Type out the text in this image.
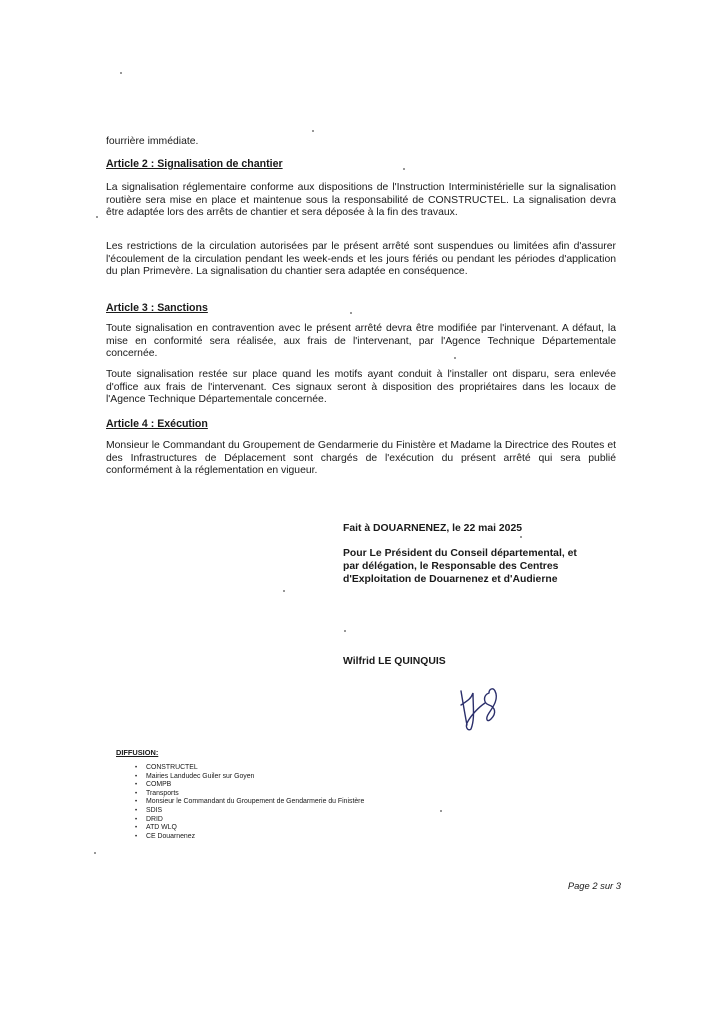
fourrière immédiate.
Article 2 : Signalisation de chantier
La signalisation réglementaire conforme aux dispositions de l'Instruction Interministérielle sur la signalisation routière sera mise en place et maintenue sous la responsabilité de CONSTRUCTEL. La signalisation devra être adaptée lors des arrêts de chantier et sera déposée à la fin des travaux.
Les restrictions de la circulation autorisées par le présent arrêté sont suspendues ou limitées afin d'assurer l'écoulement de la circulation pendant les week-ends et les jours fériés ou pendant les périodes d'application du plan Primevère. La signalisation du chantier sera adaptée en conséquence.
Article 3 : Sanctions
Toute signalisation en contravention avec le présent arrêté devra être modifiée par l'intervenant. A défaut, la mise en conformité sera réalisée, aux frais de l'intervenant, par l'Agence Technique Départementale concernée.
Toute signalisation restée sur place quand les motifs ayant conduit à l'installer ont disparu, sera enlevée d'office aux frais de l'intervenant. Ces signaux seront à disposition des propriétaires dans les locaux de l'Agence Technique Départementale concernée.
Article 4 : Exécution
Monsieur le Commandant du Groupement de Gendarmerie du Finistère et Madame la Directrice des Routes et des Infrastructures de Déplacement sont chargés de l'exécution du présent arrêté qui sera publié conformément à la réglementation en vigueur.
Fait à DOUARNENEZ, le 22 mai 2025
Pour Le Président du Conseil départemental, et par délégation, le Responsable des Centres d'Exploitation de Douarnenez et d'Audierne
Wilfrid LE QUINQUIS
DIFFUSION:
• CONSTRUCTEL
• Mairies Landudec Guiler sur Goyen
• COMPB
• Transports
• Monsieur le Commandant du Groupement de Gendarmerie du Finistère
• SDIS
• DRID
• ATD WLQ
• CE Douarnenez
Page 2 sur 3
